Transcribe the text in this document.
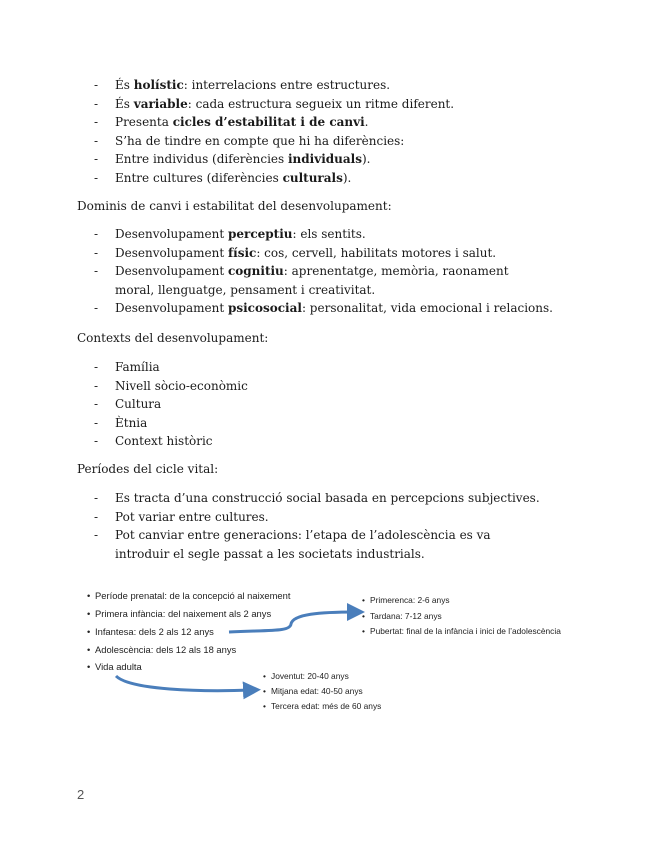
- És holístic: interrelacions entre estructures.
- És variable: cada estructura segueix un ritme diferent.
- Presenta cicles d’estabilitat i de canvi.
- S’ha de tindre en compte que hi ha diferències:
- Entre individus (diferències individuals).
- Entre cultures (diferències culturals).
Dominis de canvi i estabilitat del desenvolupament:
- Desenvolupament perceptiu: els sentits.
- Desenvolupament físic: cos, cervell, habilitats motores i salut.
- Desenvolupament cognitiu: aprenentatge, memòria, raonament moral, llenguatge, pensament i creativitat.
- Desenvolupament psicosocial: personalitat, vida emocional i relacions.
Contexts del desenvolupament:
- Família
- Nivell sòcio-econòmic
- Cultura
- Ètnia
- Context històric
Períodes del cicle vital:
- Es tracta d’una construcció social basada en percepcions subjectives.
- Pot variar entre cultures.
- Pot canviar entre generacions: l’etapa de l’adolescència es va introduir el segle passat a les societats industrials.
• Període prenatal: de la concepció al naixement
• Primera infància: del naixement als 2 anys
• Infantesa: dels 2 als 12 anys
• Adolescència: dels 12 als 18 anys
• Vida adulta
• Primerenca: 2-6 anys
• Tardana: 7-12 anys
• Pubertat: final de la infància i inici de l’adolescència
• Joventut: 20-40 anys
• Mitjana edat: 40-50 anys
• Tercera edat: més de 60 anys
2
